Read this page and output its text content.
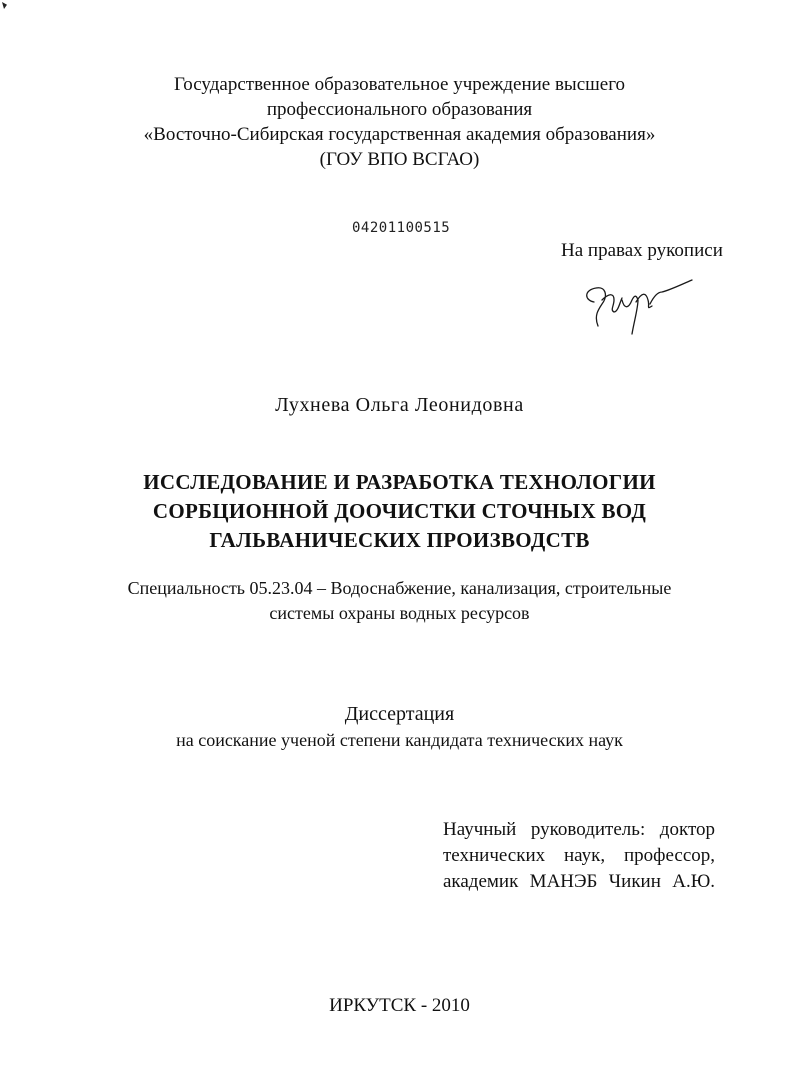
Государственное образовательное учреждение высшего
профессионального образования
«Восточно-Сибирская государственная академия образования»
(ГОУ ВПО ВСГАО)
04201100515
На правах рукописи
Лухнева Ольга Леонидовна
ИССЛЕДОВАНИЕ И РАЗРАБОТКА ТЕХНОЛОГИИ
СОРБЦИОННОЙ ДООЧИСТКИ СТОЧНЫХ ВОД
ГАЛЬВАНИЧЕСКИХ ПРОИЗВОДСТВ
Специальность 05.23.04 – Водоснабжение, канализация, строительные
системы охраны водных ресурсов
Диссертация
на соискание ученой степени кандидата технических наук
Научный руководитель: доктор
технических наук, профессор,
академик МАНЭБ Чикин А.Ю.
ИРКУТСК - 2010
